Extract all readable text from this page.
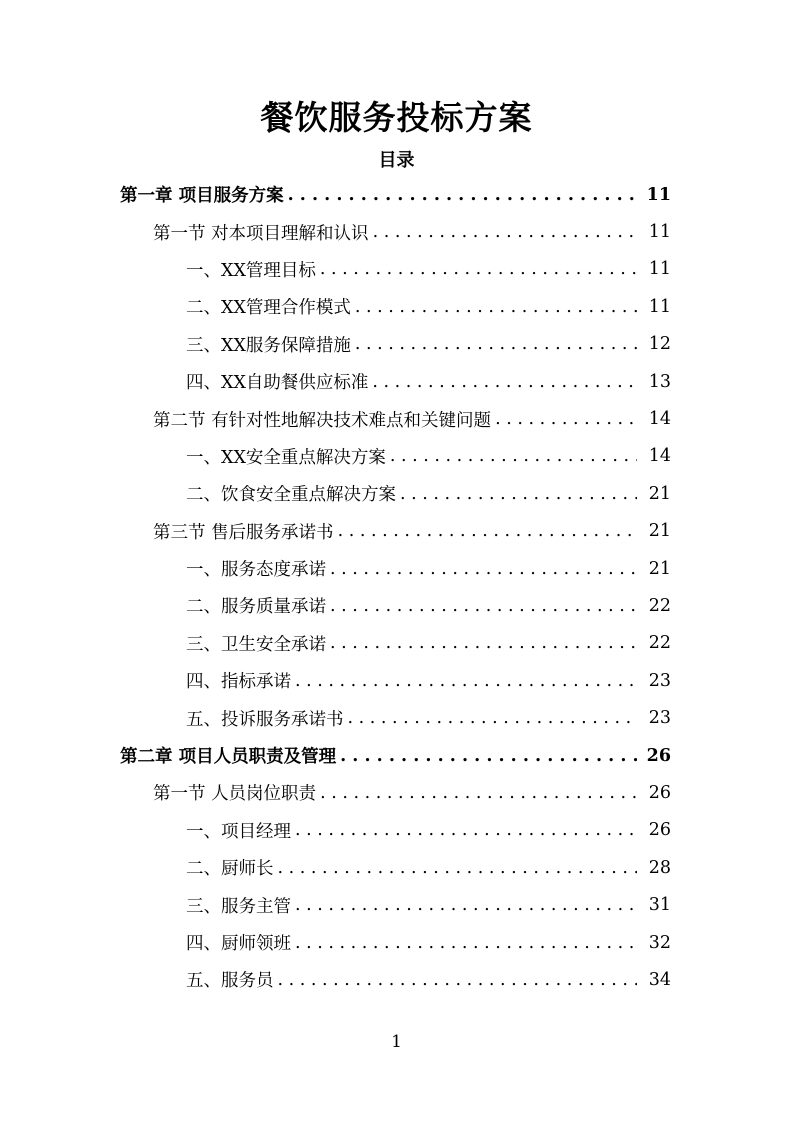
餐饮服务投标方案
目录
第一章 项目服务方案 . . .	11
第一节 对本项目理解和认识 . . .	11
一、XX管理目标 . . .	11
二、XX管理合作模式 . . .	11
三、XX服务保障措施 . . .	12
四、XX自助餐供应标准 . . .	13
第二节 有针对性地解决技术难点和关键问题 . . .	14
一、XX安全重点解决方案 . . .	14
二、饮食安全重点解决方案 . . .	21
第三节 售后服务承诺书 . . .	21
一、服务态度承诺 . . .	21
二、服务质量承诺 . . .	22
三、卫生安全承诺 . . .	22
四、指标承诺 . . .	23
五、投诉服务承诺书 . . .	23
第二章 项目人员职责及管理 . . .	26
第一节 人员岗位职责 . . .	26
一、项目经理 . . .	26
二、厨师长 . . .	28
三、服务主管 . . .	31
四、厨师领班 . . .	32
五、服务员 . . .	34
1
